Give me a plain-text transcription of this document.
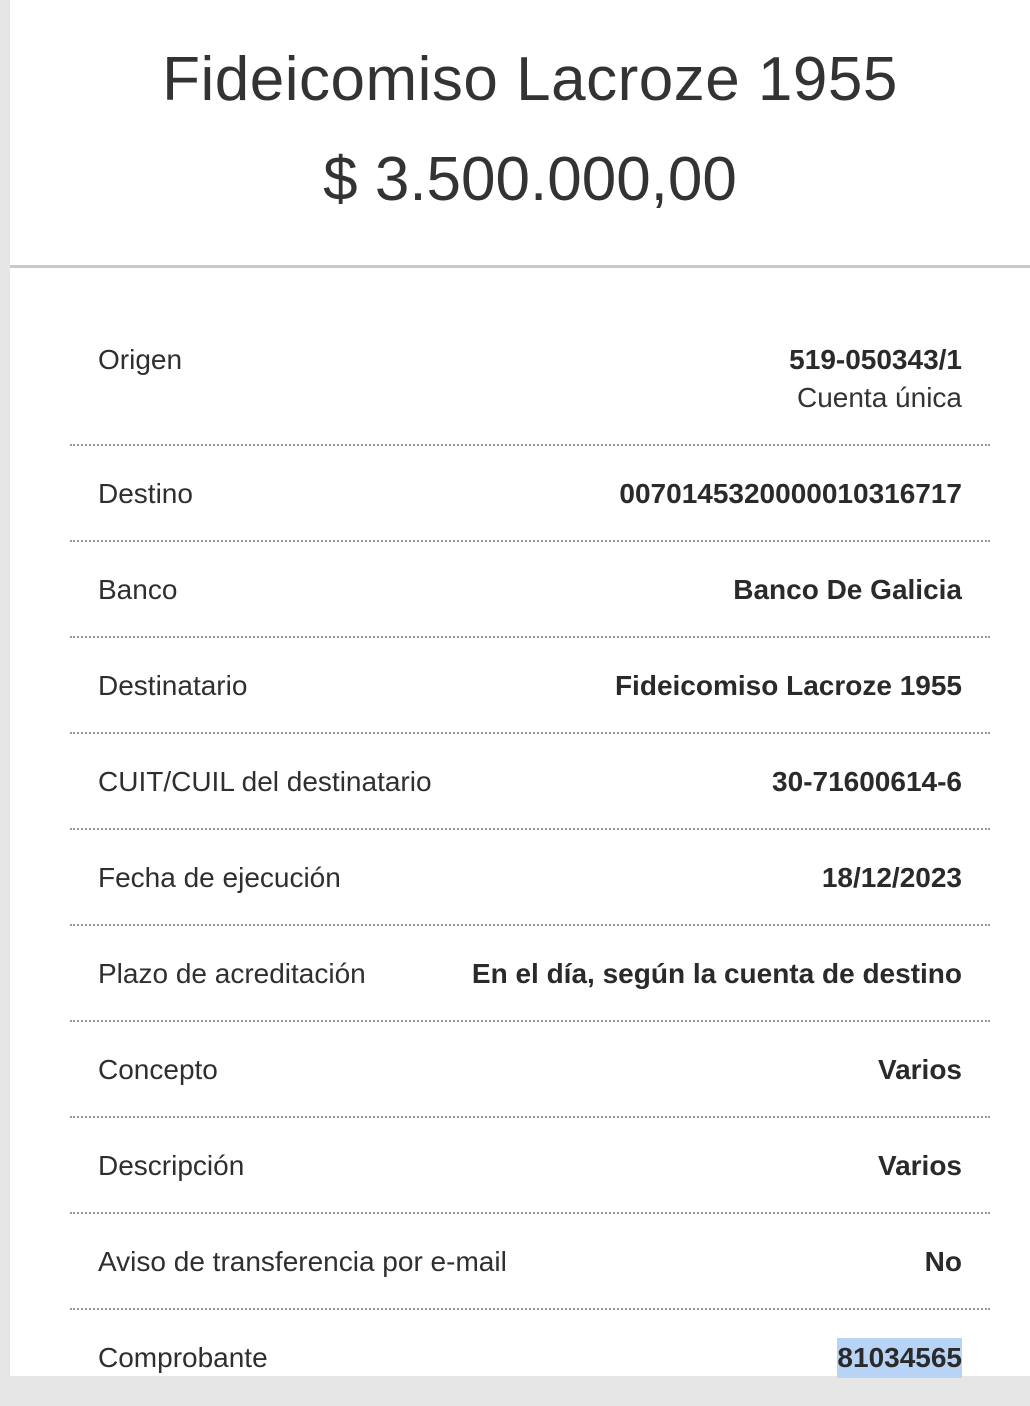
Fideicomiso Lacroze 1955
$ 3.500.000,00
Origen	519-050343/1
Cuenta única
Destino	0070145320000010316717
Banco	Banco De Galicia
Destinatario	Fideicomiso Lacroze 1955
CUIT/CUIL del destinatario	30-71600614-6
Fecha de ejecución	18/12/2023
Plazo de acreditación	En el día, según la cuenta de destino
Concepto	Varios
Descripción	Varios
Aviso de transferencia por e-mail	No
Comprobante	81034565
